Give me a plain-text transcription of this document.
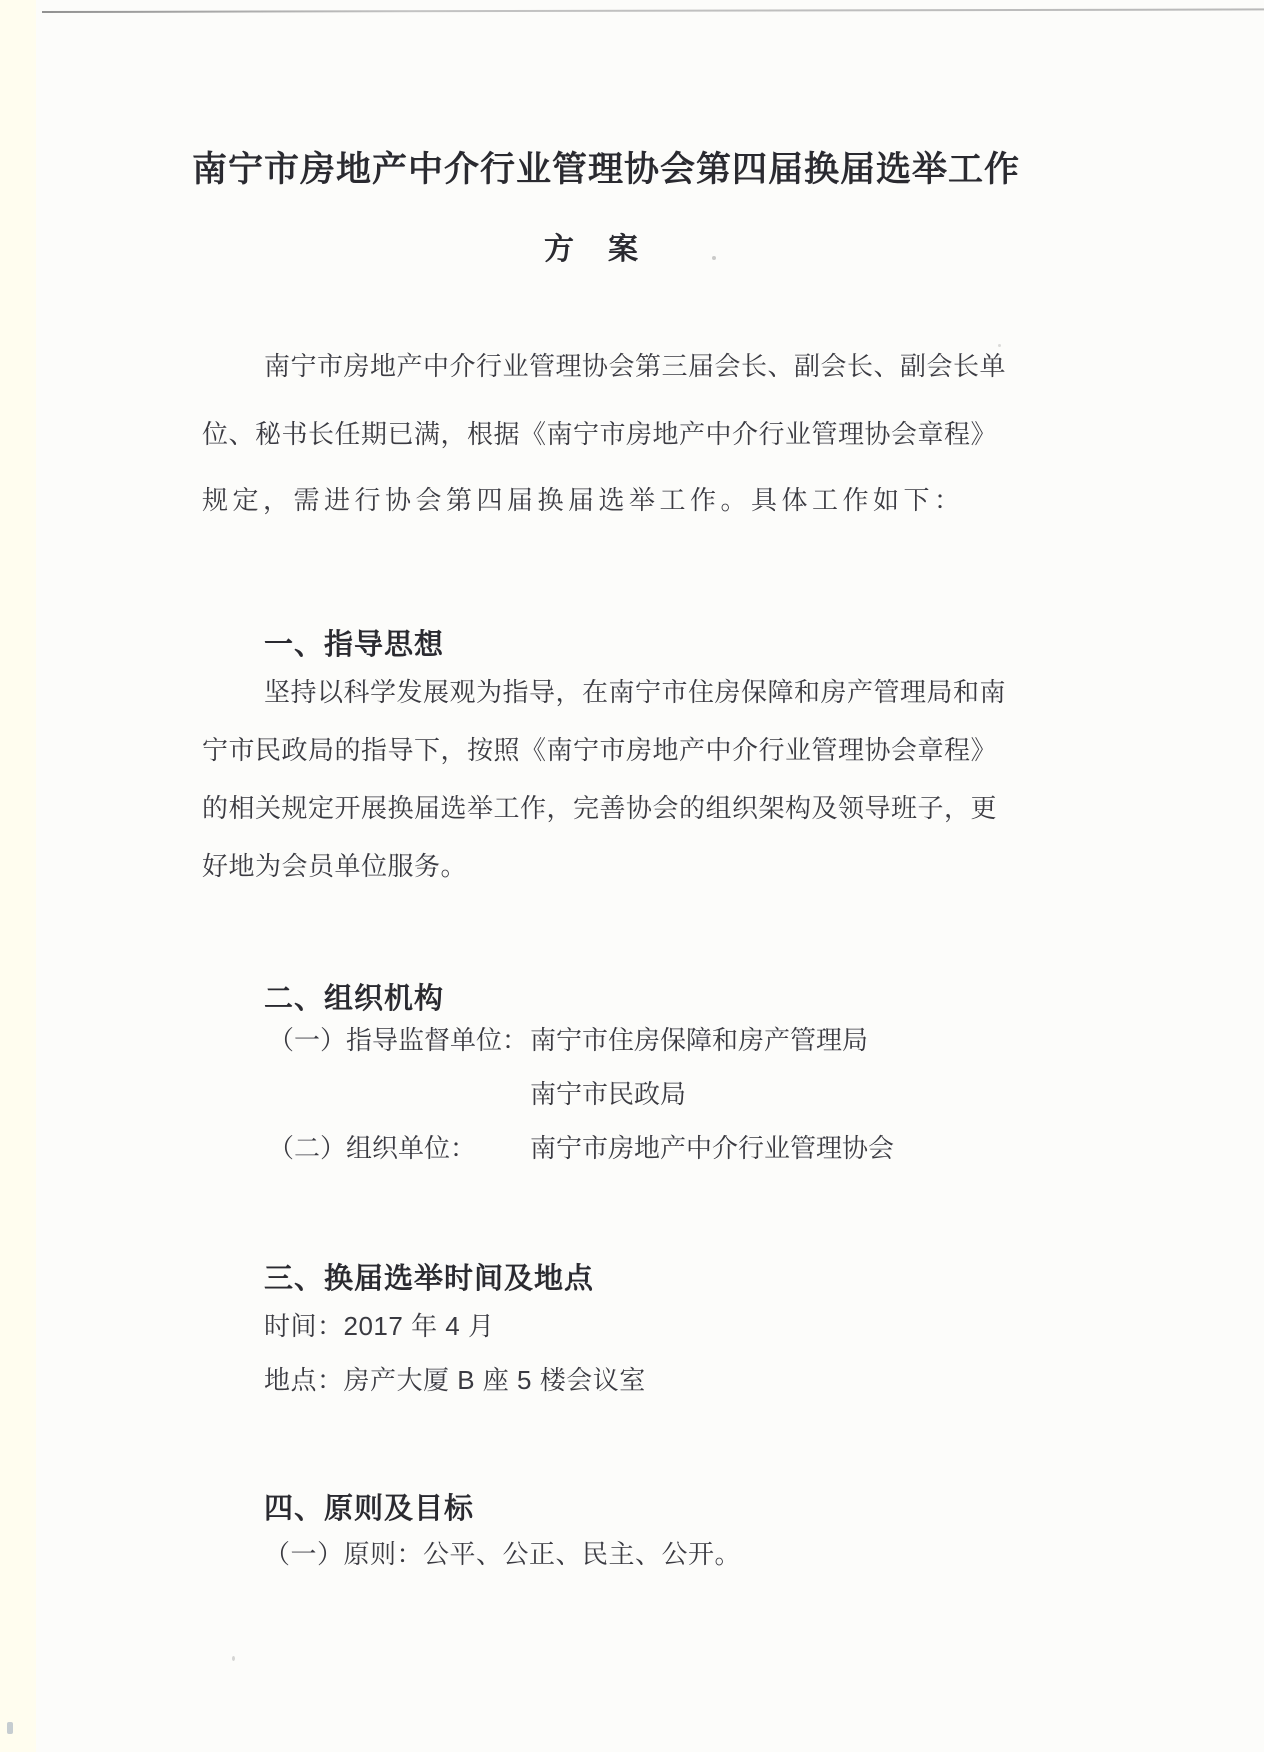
南宁市房地产中介行业管理协会第四届换届选举工作
方　案
南宁市房地产中介行业管理协会第三届会长、副会长、副会长单
位、秘书长任期已满，根据《南宁市房地产中介行业管理协会章程》
规定，需进行协会第四届换届选举工作。具体工作如下：
一、指导思想
坚持以科学发展观为指导，在南宁市住房保障和房产管理局和南
宁市民政局的指导下，按照《南宁市房地产中介行业管理协会章程》
的相关规定开展换届选举工作，完善协会的组织架构及领导班子，更
好地为会员单位服务。
二、组织机构
（一）指导监督单位：南宁市住房保障和房产管理局
南宁市民政局
（二）组织单位： 南宁市房地产中介行业管理协会
三、换届选举时间及地点
时间：2017 年 4 月
地点：房产大厦 B 座 5 楼会议室
四、原则及目标
（一）原则：公平、公正、民主、公开。
